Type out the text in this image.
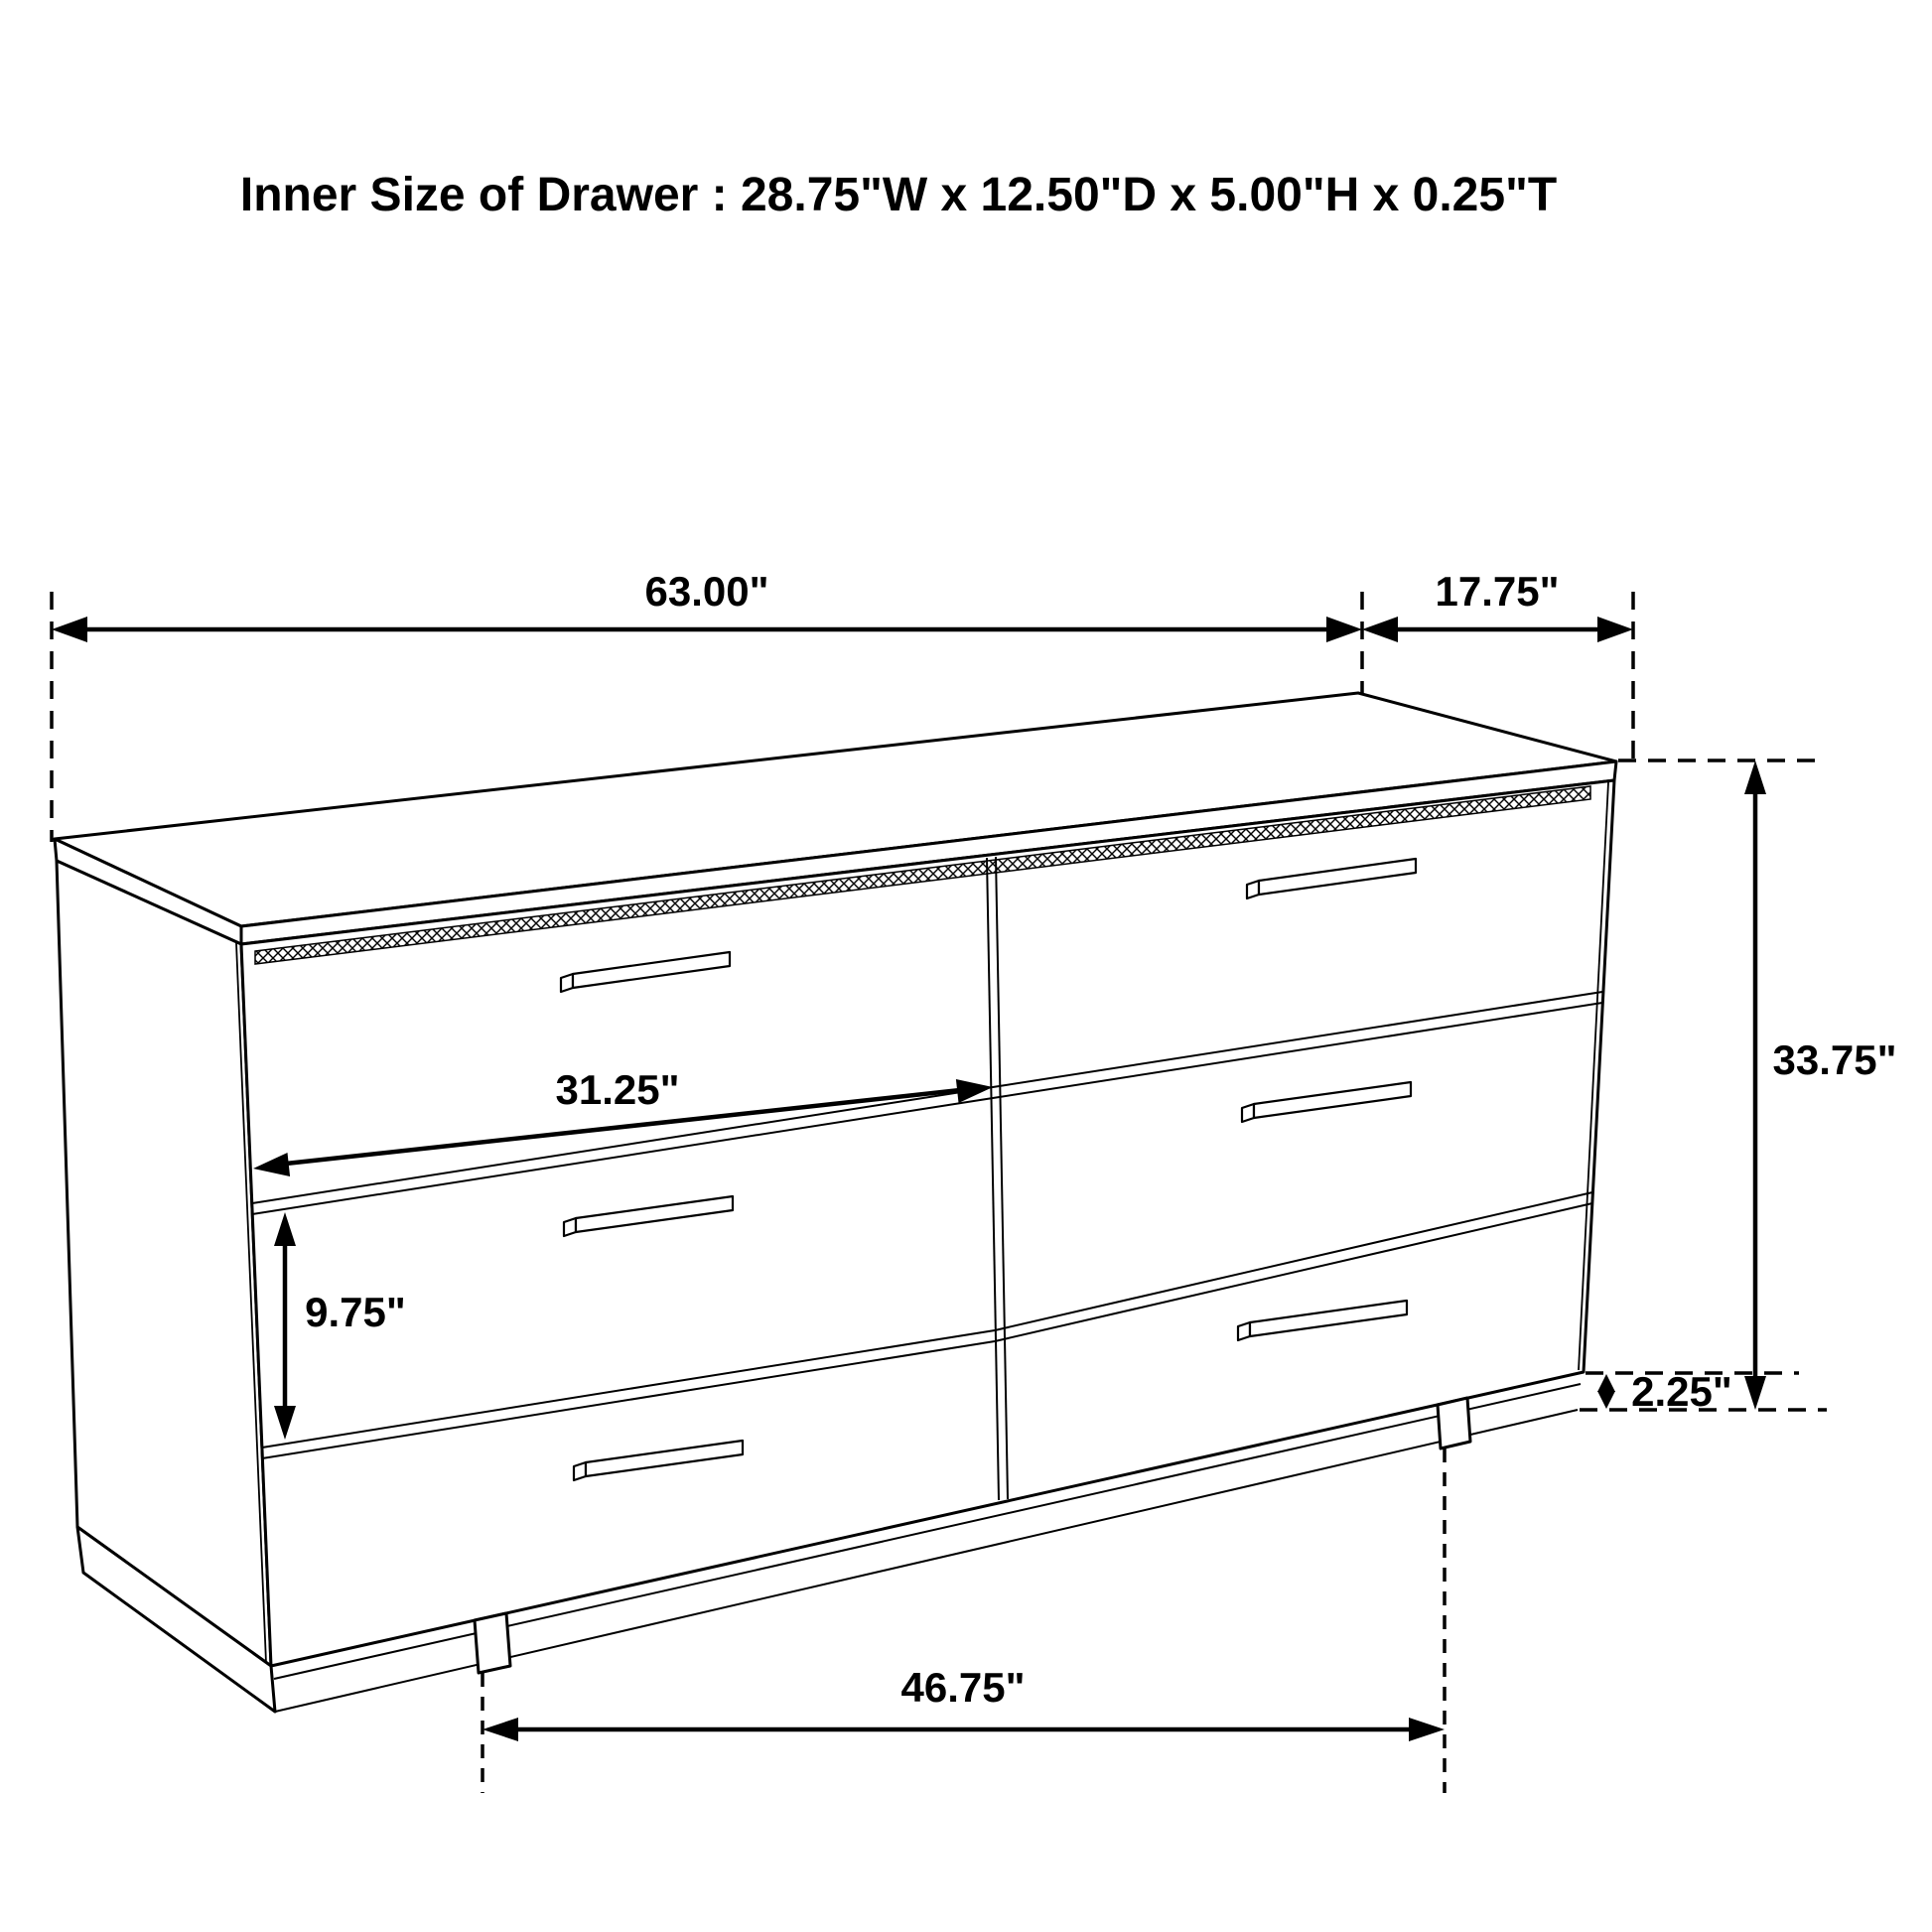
Inner Size of Drawer : 28.75"W x 12.50"D x 5.00"H x 0.25"T
63.00"	17.75"
33.75"
2.25"
31.25"
9.75"
46.75"
